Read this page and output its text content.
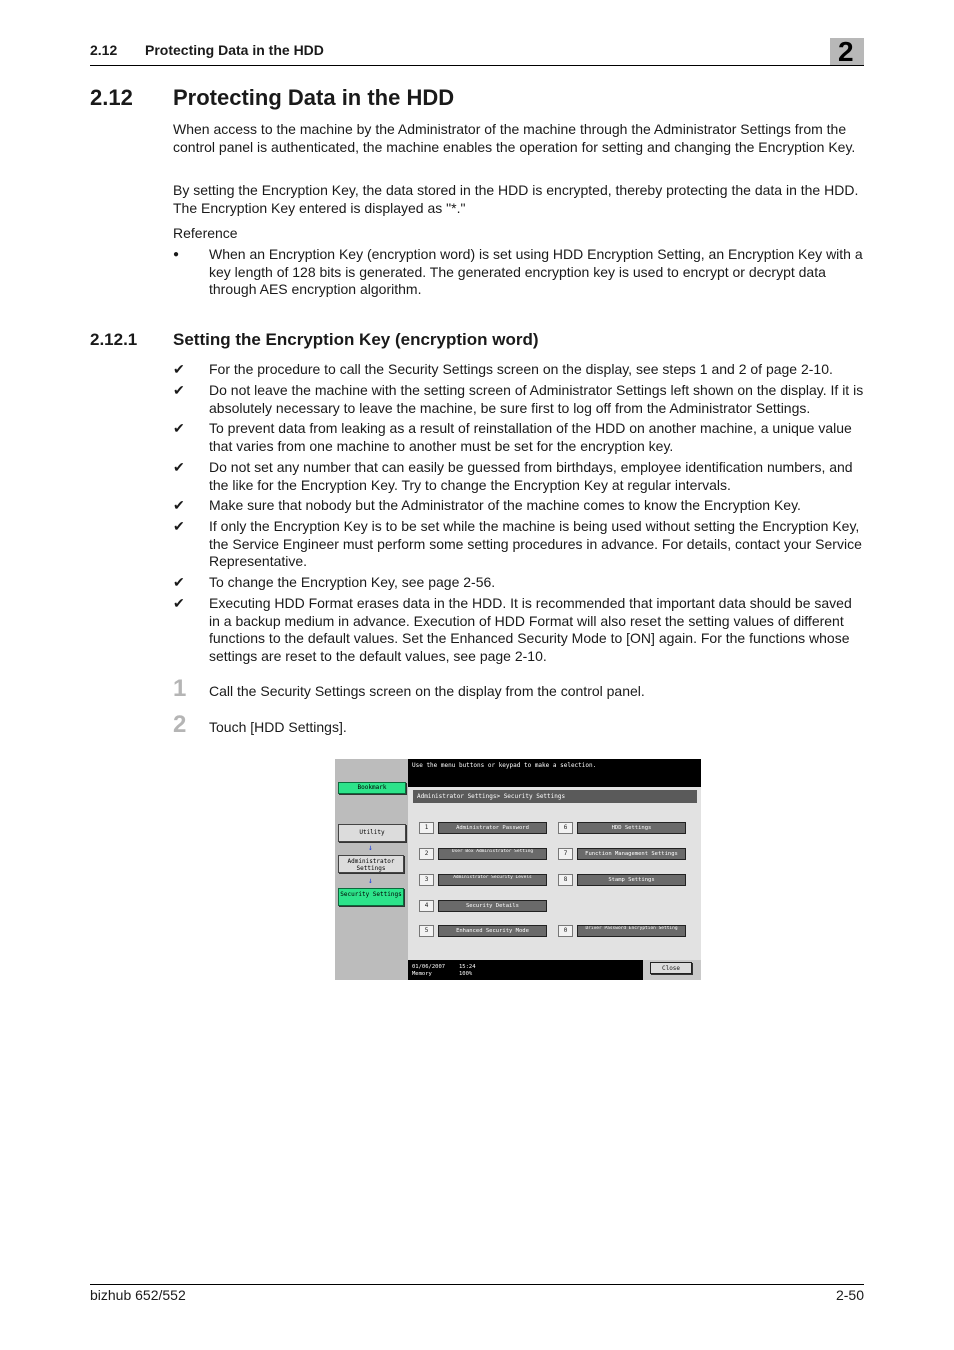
2.12 Protecting Data in the HDD	2
2.12 Protecting Data in the HDD
When access to the machine by the Administrator of the machine through the Administrator Settings from the control panel is authenticated, the machine enables the operation for setting and changing the Encryption Key.
By setting the Encryption Key, the data stored in the HDD is encrypted, thereby protecting the data in the HDD. The Encryption Key entered is displayed as "*."
Reference
● When an Encryption Key (encryption word) is set using HDD Encryption Setting, an Encryption Key with a key length of 128 bits is generated. The generated encryption key is used to encrypt or decrypt data through AES encryption algorithm.
2.12.1 Setting the Encryption Key (encryption word)
✔ For the procedure to call the Security Settings screen on the display, see steps 1 and 2 of page 2-10.
✔ Do not leave the machine with the setting screen of Administrator Settings left shown on the display. If it is absolutely necessary to leave the machine, be sure first to log off from the Administrator Settings.
✔ To prevent data from leaking as a result of reinstallation of the HDD on another machine, a unique value that varies from one machine to another must be set for the encryption key.
✔ Do not set any number that can easily be guessed from birthdays, employee identification numbers, and the like for the Encryption Key. Try to change the Encryption Key at regular intervals.
✔ Make sure that nobody but the Administrator of the machine comes to know the Encryption Key.
✔ If only the Encryption Key is to be set while the machine is being used without setting the Encryption Key, the Service Engineer must perform some setting procedures in advance. For details, contact your Service Representative.
✔ To change the Encryption Key, see page 2-56.
✔ Executing HDD Format erases data in the HDD. It is recommended that important data should be saved in a backup medium in advance. Execution of HDD Format will also reset the setting values of different functions to the default values. Set the Enhanced Security Mode to [ON] again. For the functions whose settings are reset to the default values, see page 2-10.
1 Call the Security Settings screen on the display from the control panel.
2 Touch [HDD Settings].
Bookmark
Utility
↓
Administrator Settings
↓
Security Settings
Use the menu buttons or keypad to make a selection.
Administrator Settings> Security Settings
1	Administrator Password
2	User Box Administrator Setting
3	Administrator Security Levels
4	Security Details
5	Enhanced Security Mode
6	HDD Settings
7	Function Management Settings
8	Stamp Settings
0	Driver Password Encryption Setting
01/06/2007	15:24
Memory	100%
Close
bizhub 652/552	2-50
